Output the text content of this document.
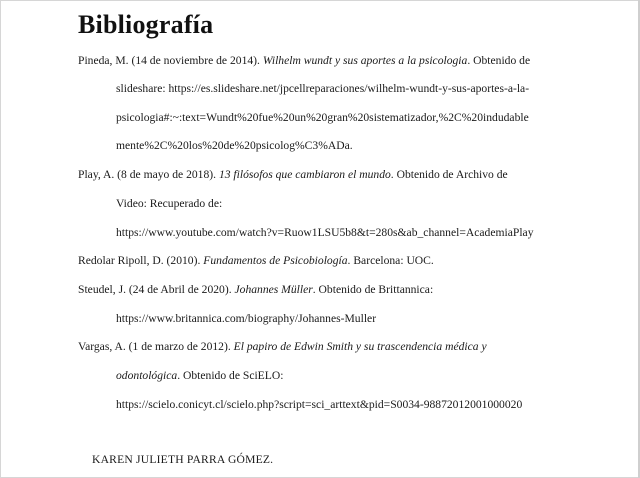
Bibliografía
Pineda, M. (14 de noviembre de 2014). Wilhelm wundt y sus aportes a la psicologia. Obtenido de
slideshare: https://es.slideshare.net/jpcellreparaciones/wilhelm-wundt-y-sus-aportes-a-la-
psicologia#:~:text=Wundt%20fue%20un%20gran%20sistematizador,%2C%20indudable
mente%2C%20los%20de%20psicolog%C3%ADa.
Play, A. (8 de mayo de 2018). 13 filósofos que cambiaron el mundo. Obtenido de Archivo de
Video: Recuperado de:
https://www.youtube.com/watch?v=Ruow1LSU5b8&t=280s&ab_channel=AcademiaPlay
Redolar Ripoll, D. (2010). Fundamentos de Psicobiología. Barcelona: UOC.
Steudel, J. (24 de Abril de 2020). Johannes Müller. Obtenido de Brittannica:
https://www.britannica.com/biography/Johannes-Muller
Vargas, A. (1 de marzo de 2012). El papiro de Edwin Smith y su trascendencia médica y
odontológica. Obtenido de SciELO:
https://scielo.conicyt.cl/scielo.php?script=sci_arttext&pid=S0034-98872012001000020
KAREN JULIETH PARRA GÓMEZ.
